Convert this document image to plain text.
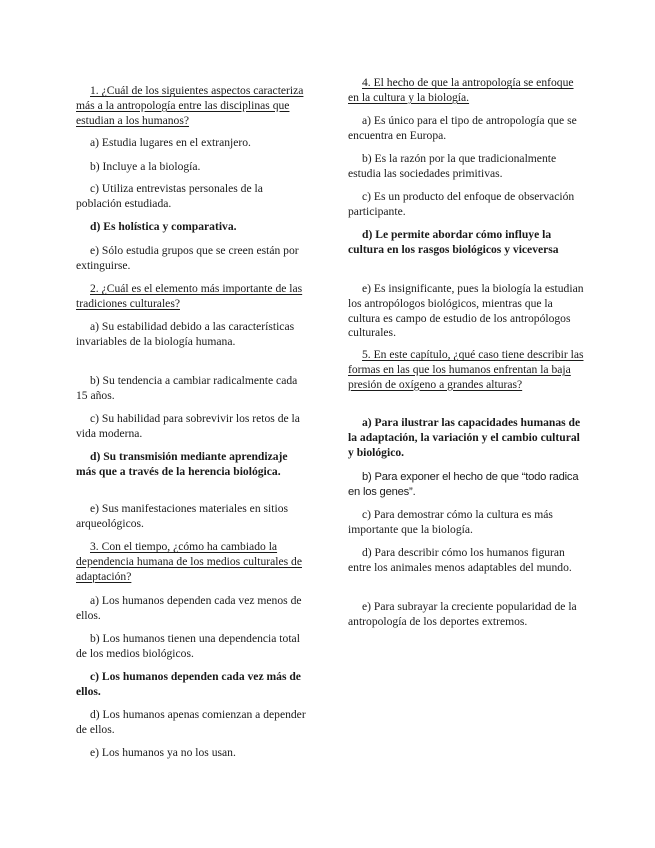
1. ¿Cuál de los siguientes aspectos caracteriza más a la antropología entre las disciplinas que estudian a los humanos?

a) Estudia lugares en el extranjero.

b) Incluye a la biología.

c) Utiliza entrevistas personales de la población estudiada.

d) Es holística y comparativa.

e) Sólo estudia grupos que se creen están por extinguirse.

2. ¿Cuál es el elemento más importante de las tradiciones culturales?

a) Su estabilidad debido a las características invariables de la biología humana.

b) Su tendencia a cambiar radicalmente cada 15 años.

c) Su habilidad para sobrevivir los retos de la vida moderna.

d) Su transmisión mediante aprendizaje más que a través de la herencia biológica.

e) Sus manifestaciones materiales en sitios arqueológicos.

3. Con el tiempo, ¿cómo ha cambiado la dependencia humana de los medios culturales de adaptación?

a) Los humanos dependen cada vez menos de ellos.

b) Los humanos tienen una dependencia total de los medios biológicos.

c) Los humanos dependen cada vez más de ellos.

d) Los humanos apenas comienzan a depender de ellos.

e) Los humanos ya no los usan.

4. El hecho de que la antropología se enfoque en la cultura y la biología.

a) Es único para el tipo de antropología que se encuentra en Europa.

b) Es la razón por la que tradicionalmente estudia las sociedades primitivas.

c) Es un producto del enfoque de observación participante.

d) Le permite abordar cómo influye la cultura en los rasgos biológicos y viceversa

e) Es insignificante, pues la biología la estudian los antropólogos biológicos, mientras que la cultura es campo de estudio de los antropólogos culturales.

5. En este capítulo, ¿qué caso tiene describir las formas en las que los humanos enfrentan la baja presión de oxígeno a grandes alturas?

a) Para ilustrar las capacidades humanas de la adaptación, la variación y el cambio cultural y biológico.

b) Para exponer el hecho de que “todo radica en los genes”.

c) Para demostrar cómo la cultura es más importante que la biología.

d) Para describir cómo los humanos figuran entre los animales menos adaptables del mundo.

e) Para subrayar la creciente popularidad de la antropología de los deportes extremos.
